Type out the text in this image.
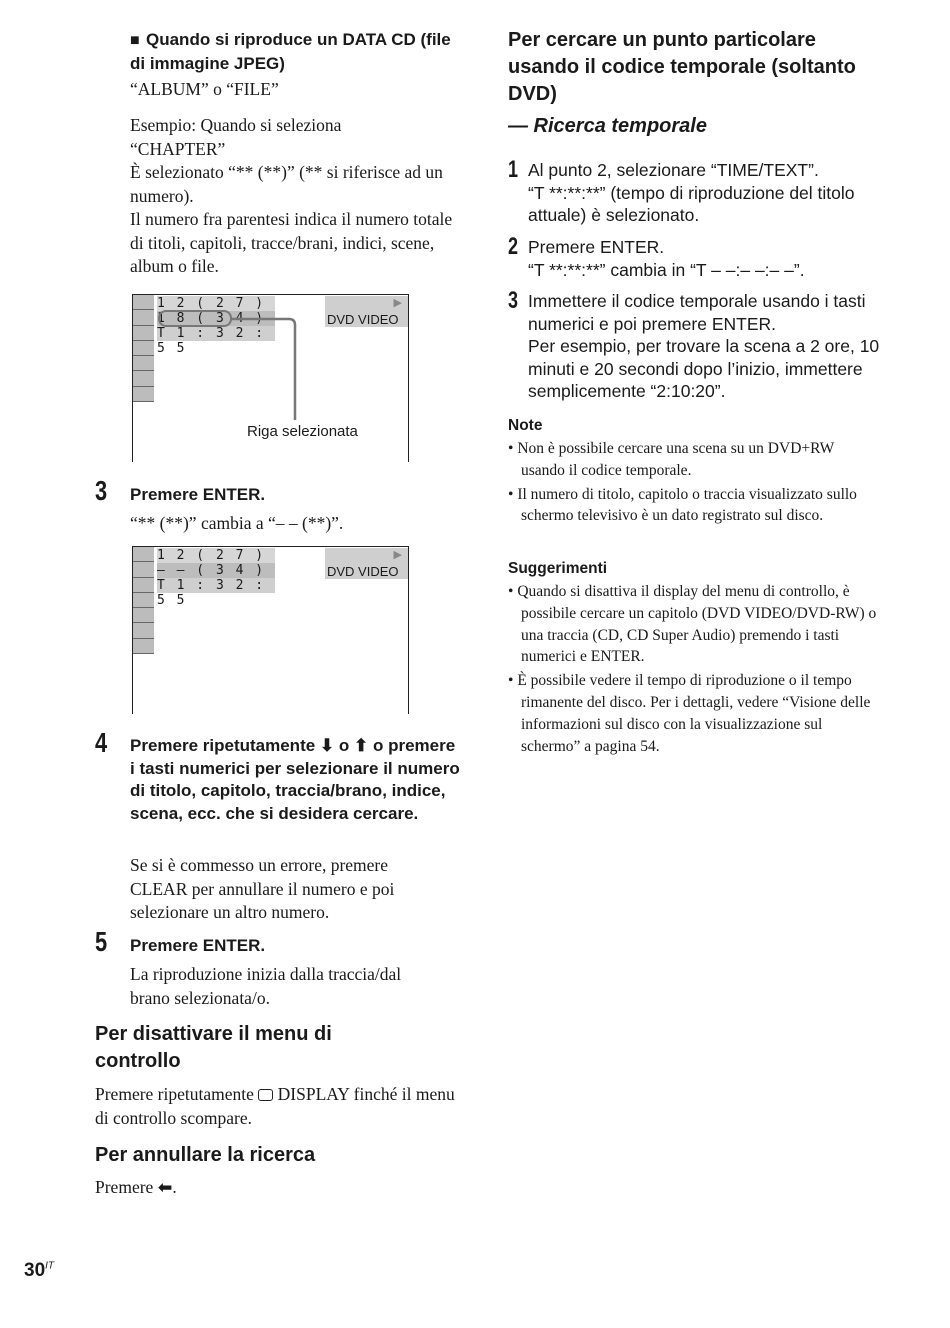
■ Quando si riproduce un DATA CD (file di immagine JPEG)
“ALBUM” o “FILE”

Esempio: Quando si seleziona “CHAPTER”

È selezionato “** (**)” (** si riferisce ad un numero).

Il numero fra parentesi indica il numero totale di titoli, capitoli, tracce/brani, indici, scene, album o file.

1 2 ( 2 7 )
1 8 ( 3 4 )
T 1 : 3 2 : 5 5
▶
DVD VIDEO
Riga selezionata
3 Premere ENTER.
“** (**)” cambia a “– – (**)”.
1 2 ( 2 7 )
– – ( 3 4 )
T 1 : 3 2 : 5 5
▶
DVD VIDEO
4 Premere ripetutamente ⬇ o ⬆ o premere i tasti numerici per selezionare il numero di titolo, capitolo, traccia/brano, indice, scena, ecc. che si desidera cercare.
Se si è commesso un errore, premere CLEAR per annullare il numero e poi selezionare un altro numero.
5 Premere ENTER.
La riproduzione inizia dalla traccia/dal brano selezionata/o.
Per disattivare il menu di controllo
Premere ripetutamente  DISPLAY finché il menu di controllo scompare.
Per annullare la ricerca
Premere ⬅.
Per cercare un punto particolare usando il codice temporale (soltanto DVD)
— Ricerca temporale
1 Al punto 2, selezionare “TIME/TEXT”.
“T **:**:**” (tempo di riproduzione del titolo attuale) è selezionato.
2 Premere ENTER.
“T **:**:**” cambia in “T – –:– –:– –”.
3 Immettere il codice temporale usando i tasti numerici e poi premere ENTER.
Per esempio, per trovare la scena a 2 ore, 10 minuti e 20 secondi dopo l’inizio, immettere semplicemente “2:10:20”.
Note
• Non è possibile cercare una scena su un DVD+RW usando il codice temporale.
• Il numero di titolo, capitolo o traccia visualizzato sullo schermo televisivo è un dato registrato sul disco.
Suggerimenti
• Quando si disattiva il display del menu di controllo, è possibile cercare un capitolo (DVD VIDEO/DVD-RW) o una traccia (CD, CD Super Audio) premendo i tasti numerici e ENTER.
• È possibile vedere il tempo di riproduzione o il tempo rimanente del disco. Per i dettagli, vedere “Visione delle informazioni sul disco con la visualizzazione sul schermo” a pagina 54.
$30^{IT}$
